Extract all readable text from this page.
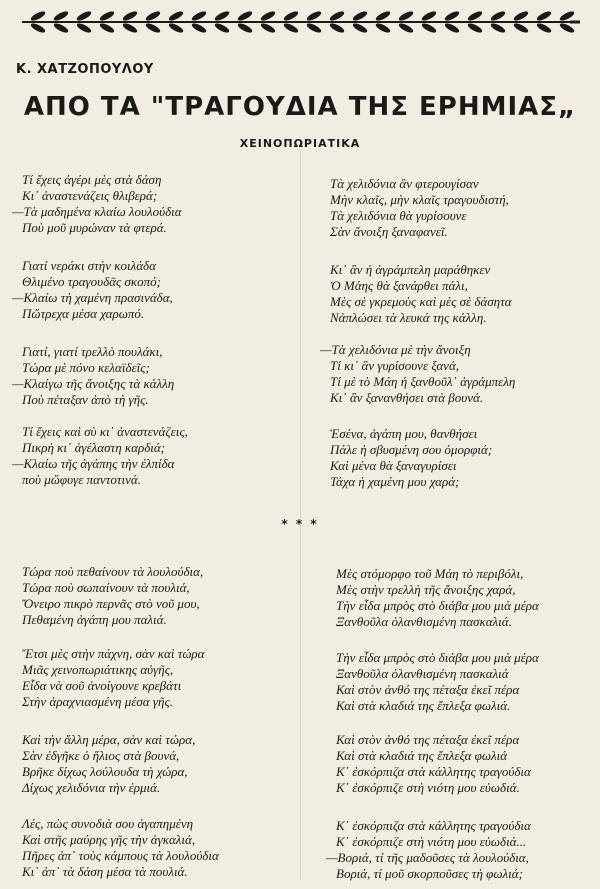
Κ. ΧΑΤΖΟΠΟΥΛΟΥ
ΑΠΟ ΤΑ "ΤΡΑΓΟΥΔΙΑ ΤΗΣ ΕΡΗΜΙΑΣ„
ΧΕΙΝΟΠΩΡΙΑΤΙΚΑ
Τί ἔχεις ἀγέρι μὲς στὰ δάση
Κι᾿ ἀναστενάζεις θλιβερά;
—Τὰ μαδημένα κλαίω λουλούδια
Ποὺ μοῦ μυρώναν τὰ φτερά.
Γιατί νεράκι στὴν κοιλάδα
Θλιμένο τραγουδᾶς σκοπό;
—Κλαίω τὴ χαμένη πρασινάδα,
Πὤτρεχα μέσα χαρωπό.
Γιατί, γιατί τρελλὸ πουλάκι,
Τώρα μὲ πόνο κελαϊδεῖς;
—Κλαίγω τῆς ἄνοιξης τὰ κάλλη
Ποὺ πέταξαν ἀπὸ τὴ γῆς.
Τί ἔχεις καὶ σὺ κι᾿ ἀναστενάζεις,
Πικρὴ κι᾿ ἀγέλαστη καρδιά;
—Κλαίω τῆς ἀγάπης τὴν ἐλπίδα
ποὺ μὤφυγε παντοτινά.
Τὰ χελιδόνια ἂν φτερουγίσαν
Μὴν κλαῖς, μὴν κλαῖς τραγουδιστή,
Τὰ χελιδόνια θὰ γυρίσουνε
Σὰν ἄνοιξη ξαναφανεῖ.
Κι᾿ ἂν ἡ ἀγράμπελη μαράθηκεν
Ὁ Μάης θὰ ξανάρθει πάλι,
Μὲς σὲ γκρεμοὺς καὶ μὲς σὲ δάσητα
Νἀπλώσει τὰ λευκά της κάλλη.
—Τὰ χελιδόνια μὲ τὴν ἄνοιξη
Τί κι᾿ ἂν γυρίσουνε ξανά,
Τί μὲ τὸ Μάη ἡ ξανθοῦλ᾿ ἀγράμπελη
Κι᾿ ἂν ξανανθήσει στὰ βουνά.
Ἐσένα, ἀγάπη μου, θανθήσει
Πάλε ἡ σβυσμένη σου ὀμορφιά;
Καὶ μένα θὰ ξαναγυρίσει
Τάχα ἡ χαμένη μου χαρά;
* * *
Τώρα ποὺ πεθαίνουν τὰ λουλούδια,
Τώρα ποὺ σωπαίνουν τὰ πουλιά,
Ὄνειρο πικρὸ περνᾶς στὸ νοῦ μου,
Πεθαμένη ἀγάπη μου παλιά.
Ἔτσι μὲς στὴν πάχνη, σὰν καὶ τώρα
Μιᾶς χεινοπωριάτικης αὐγῆς,
Εἶδα νὰ σοῦ ἀνοίγουνε κρεβάτι
Στὴν ἀραχνιασμένη μέσα γῆς.
Καὶ τὴν ἄλλη μέρα, σὰν καὶ τώρα,
Σὰν ἐδγῆκε ὁ ἥλιος στὰ βουνά,
Βρῆκε δίχως λούλουδα τὴ χώρα,
Δίχως χελιδόνια τὴν ἐρμιά.
Λές, πὼς συνοδιὰ σου ἀγαπημένη
Καὶ στῆς μαύρης γῆς τὴν ἀγκαλιά,
Πῆρες ἀπ᾿ τοὺς κάμπους τὰ λουλούδια
Κι᾿ ἀπ᾿ τὰ δάση μέσα τὰ πουλιά.
Μὲς στόμορφο τοῦ Μάη τὸ περιβόλι,
Μὲς στὴν τρελλὴ τῆς ἄνοιξης χαρά,
Τὴν εἶδα μπρὸς στὸ διάβα μου μιὰ μέρα
Ξανθοῦλα ὀλανθισμένη πασκαλιά.
Τὴν εἶδα μπρὸς στὸ διάβα μου μιὰ μέρα
Ξανθοῦλα ὀλανθισμένη πασκαλιά
Καὶ στὸν ἀνθό της πέταξα ἐκεῖ πέρα
Καὶ στὰ κλαδιά της ἔπλεξα φωλιά.
Καὶ στὸν ἀνθό της πέταξα ἐκεῖ πέρα
Καὶ στὰ κλαδιά της ἔπλεξα φωλιά
Κ᾿ ἐσκόρπιζα στὰ κάλλητης τραγούδια
Κ᾿ ἐσκόρπιζε στὴ νιότη μου εὐωδιά.
Κ᾿ ἐσκόρπιζα στὰ κάλλητης τραγούδια
Κ᾿ ἐσκόρπιζε στὴ νιότη μου εὐωδιά...
—Βοριά, τί τῆς μαδοῦσες τὰ λουλούδια,
Βοριά, τί μοῦ σκορποῦσες τὴ φωλιά;
